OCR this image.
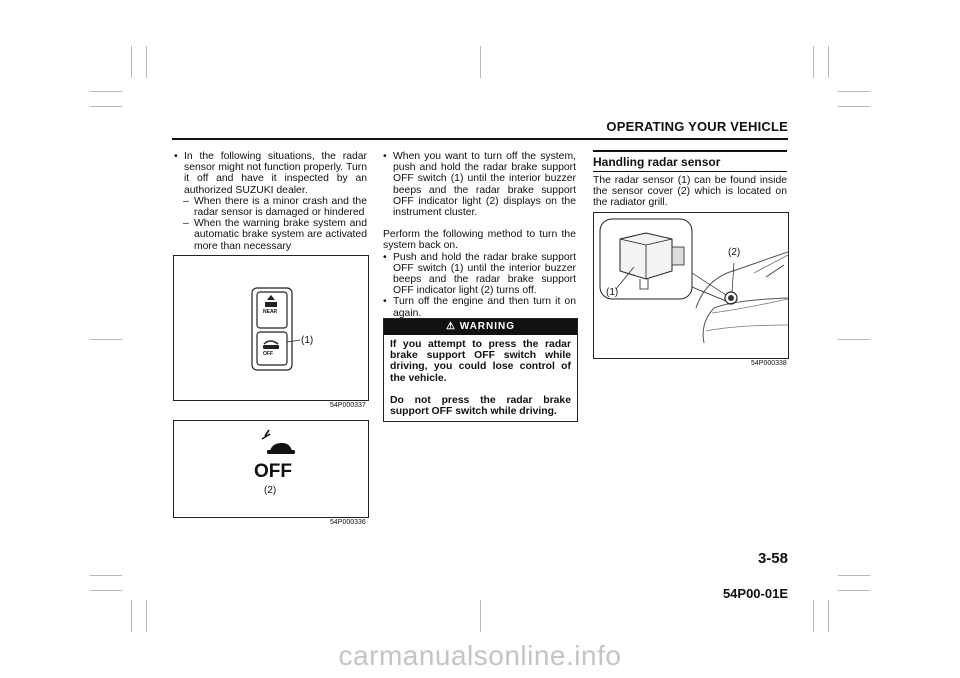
OPERATING YOUR VEHICLE

• In the following situations, the radar sensor might not function properly. Turn it off and have it inspected by an authorized SUZUKI dealer.

– When there is a minor crash and the radar sensor is damaged or hindered

– When the warning brake system and automatic brake system are activated more than necessary

NEAR
OFF
(1)
54P000337
OFF
(2)
54P000336

• When you want to turn off the system, push and hold the radar brake support OFF switch (1) until the interior buzzer beeps and the radar brake support OFF indicator light (2) displays on the instrument cluster.

Perform the following method to turn the system back on.

• Push and hold the radar brake support OFF switch (1) until the interior buzzer beeps and the radar brake support OFF indicator light (2) turns off.

• Turn off the engine and then turn it on again.

⚠ WARNING

If you attempt to press the radar brake support OFF switch while driving, you could lose control of the vehicle.

Do not press the radar brake support OFF switch while driving.

Handling radar sensor

The radar sensor (1) can be found inside the sensor cover (2) which is located on the radiator grill.

(1)
(2)
54P000338
3-58
54P00-01E
carmanualsonline.info
